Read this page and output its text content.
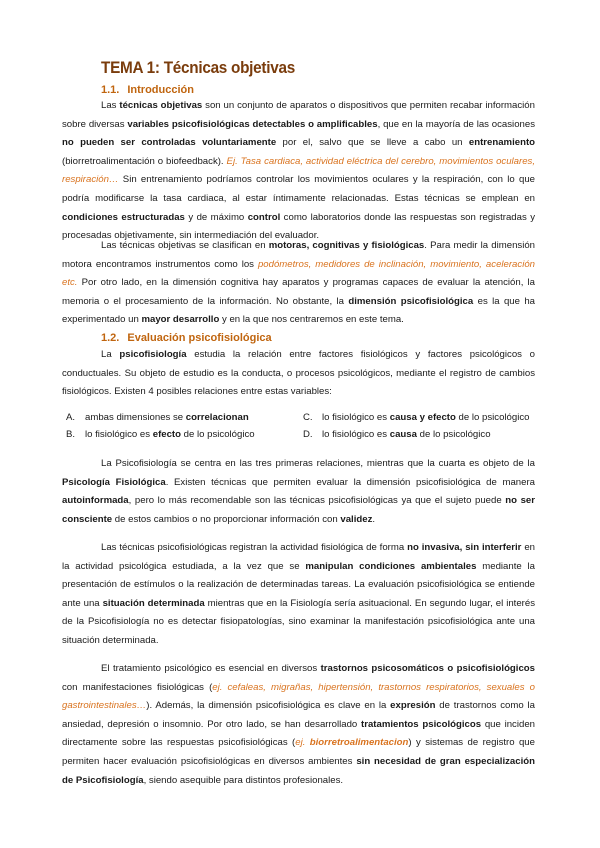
TEMA 1: Técnicas objetivas
1.1. Introducción
Las técnicas objetivas son un conjunto de aparatos o dispositivos que permiten recabar información sobre diversas variables psicofisiológicas detectables o amplificables, que en la mayoría de las ocasiones no pueden ser controladas voluntariamente por el, salvo que se lleve a cabo un entrenamiento (biorretroalimentación o biofeedback). Ej. Tasa cardiaca, actividad eléctrica del cerebro, movimientos oculares, respiración… Sin entrenamiento podríamos controlar los movimientos oculares y la respiración, con lo que podría modificarse la tasa cardiaca, al estar íntimamente relacionadas. Estas técnicas se emplean en condiciones estructuradas y de máximo control como laboratorios donde las respuestas son registradas y procesadas objetivamente, sin intermediación del evaluador.
Las técnicas objetivas se clasifican en motoras, cognitivas y fisiológicas. Para medir la dimensión motora encontramos instrumentos como los podómetros, medidores de inclinación, movimiento, aceleración etc. Por otro lado, en la dimensión cognitiva hay aparatos y programas capaces de evaluar la atención, la memoria o el procesamiento de la información. No obstante, la dimensión psicofisiológica es la que ha experimentado un mayor desarrollo y en la que nos centraremos en este tema.
1.2. Evaluación psicofisiológica
La psicofisiología estudia la relación entre factores fisiológicos y factores psicológicos o conductuales. Su objeto de estudio es la conducta, o procesos psicológicos, mediante el registro de cambios fisiológicos. Existen 4 posibles relaciones entre estas variables:
A. ambas dimensiones se correlacionan	C. lo fisiológico es causa y efecto de lo psicológico
B. lo fisiológico es efecto de lo psicológico	D. lo fisiológico es causa de lo psicológico
La Psicofisiología se centra en las tres primeras relaciones, mientras que la cuarta es objeto de la Psicología Fisiológica. Existen técnicas que permiten evaluar la dimensión psicofisiológica de manera autoinformada, pero lo más recomendable son las técnicas psicofisiológicas ya que el sujeto puede no ser consciente de estos cambios o no proporcionar información con validez.
Las técnicas psicofisiológicas registran la actividad fisiológica de forma no invasiva, sin interferir en la actividad psicológica estudiada, a la vez que se manipulan condiciones ambientales mediante la presentación de estímulos o la realización de determinadas tareas. La evaluación psicofisiológica se entiende ante una situación determinada mientras que en la Fisiología sería asituacional. En segundo lugar, el interés de la Psicofisiología no es detectar fisiopatologías, sino examinar la manifestación psicofisiológica ante una situación determinada.
El tratamiento psicológico es esencial en diversos trastornos psicosomáticos o psicofisiológicos con manifestaciones fisiológicas (ej. cefaleas, migrañas, hipertensión, trastornos respiratorios, sexuales o gastrointestinales…). Además, la dimensión psicofisiológica es clave en la expresión de trastornos como la ansiedad, depresión o insomnio. Por otro lado, se han desarrollado tratamientos psicológicos que inciden directamente sobre las respuestas psicofisiológicas (ej. biorretroalimentacion) y sistemas de registro que permiten hacer evaluación psicofisiológicas en diversos ambientes sin necesidad de gran especialización de Psicofisiología, siendo asequible para distintos profesionales.
